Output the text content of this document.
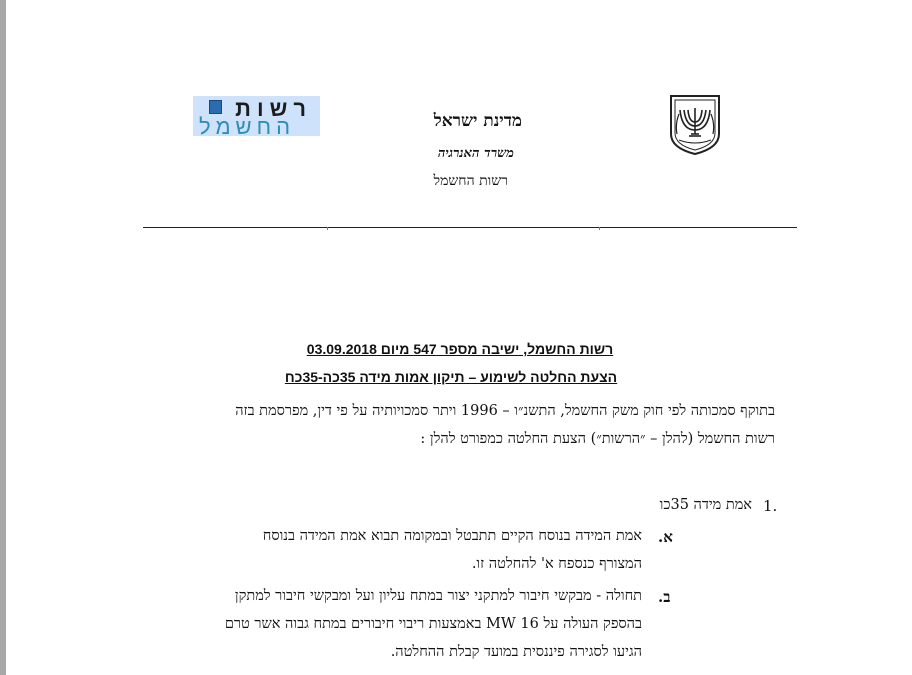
רשות
החשמל	מדינת ישראל
משרד האנרגיה
רשות החשמל
רשות החשמל, ישיבה מספר 547 מיום 03.09.2018
הצעת החלטה לשימוע – תיקון אמות מידה 35כה-35כח
בתוקף סמכותה לפי חוק משק החשמל, התשנ״ו – 1996 ויתר סמכויותיה על פי דין, מפרסמת בזה
רשות החשמל (להלן – ״הרשות״) הצעת החלטה כמפורט להלן :
1.
אמת מידה 35כו
א.
אמת המידה בנוסח הקיים תתבטל ובמקומה תבוא אמת המידה בנוסח
המצורף כנספח א' להחלטה זו.
ב.
תחולה - מבקשי חיבור למתקני יצור במתח עליון ועל ומבקשי חיבור למתקן
בהספק העולה על MW 16 באמצעות ריבוי חיבורים במתח גבוה אשר טרם
הגיעו לסגירה פיננסית במועד קבלת ההחלטה.
